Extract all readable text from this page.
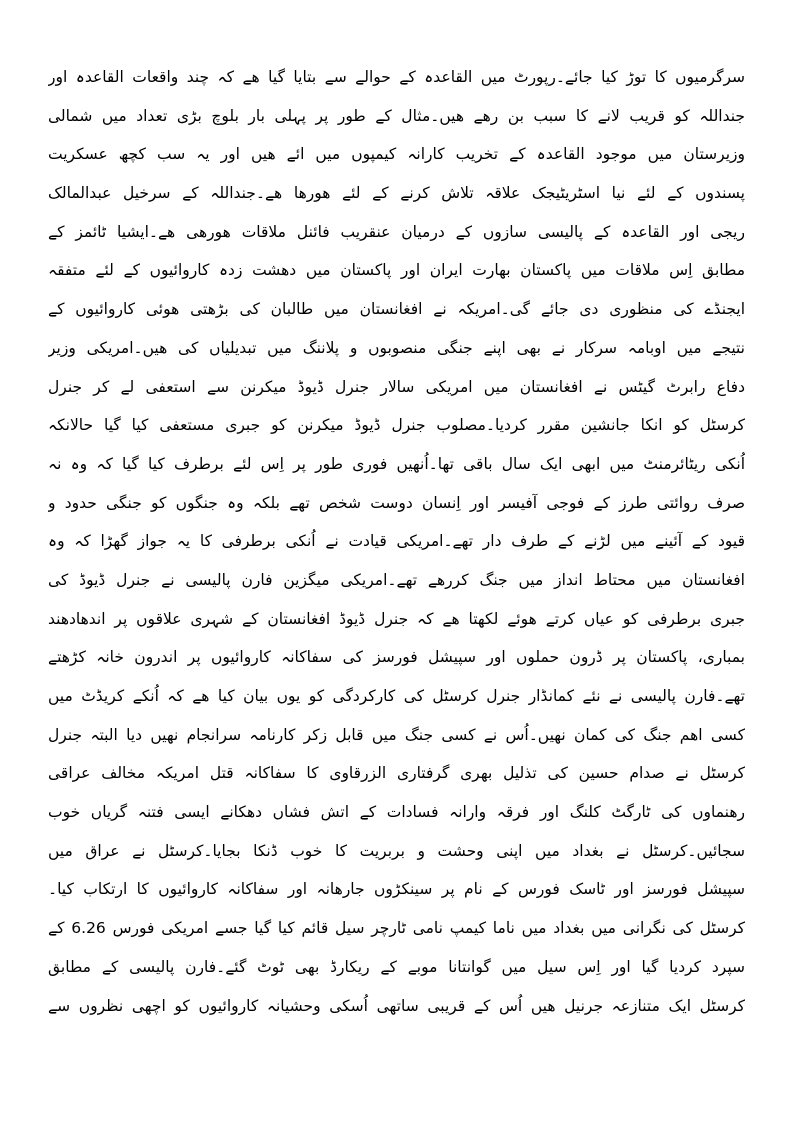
سرگرمیوں کا توڑ کیا جائے۔رپورٹ میں القاعدہ کے حوالے سے بتایا گیا ھے کہ چند واقعات القاعدہ اور
جنداللہ کو قریب لانے کا سبب بن رھے ھیں۔مثال کے طور پر پہلی بار بلوچ بڑی تعداد میں شمالی
وزیرستان میں موجود القاعدہ کے تخریب کارانہ کیمپوں میں ائے ھیں اور یہ سب کچھ عسکریت
پسندوں کے لئے نیا اسٹریٹیجک علاقہ تلاش کرنے کے لئے ھورھا ھے۔جنداللہ کے سرخیل عبدالمالک
ریجی اور القاعدہ کے پالیسی سازوں کے درمیان عنقریب فائنل ملاقات ھورھی ھے۔ایشیا ٹائمز کے
مطابق اِس ملاقات میں پاکستان بھارت ایران اور پاکستان میں دھشت زدہ کاروائیوں کے لئے متفقہ
ایجنڈے کی منظوری دی جائے گی۔امریکہ نے افغانستان میں طالبان کی بڑھتی ھوئی کاروائیوں کے
نتیجے میں اوبامہ سرکار نے بھی اپنے جنگی منصوبوں و پلاننگ میں تبدیلیاں کی ھیں۔امریکی وزیر
دفاع رابرٹ گیٹس نے افغانستان میں امریکی سالار جنرل ڈیوڈ میکرنن سے استعفی لے کر جنرل
کرسٹل کو انکا جانشین مقرر کردیا۔مصلوب جنرل ڈیوڈ میکرنن کو جبری مستعفی کیا گیا حالانکہ
اُنکی ریٹائرمنٹ میں ابھی ایک سال باقی تھا۔اُنھیں فوری طور پر اِس لئے برطرف کیا گیا کہ وہ نہ
صرف روائتی طرز کے فوجی آفیسر اور اِنسان دوست شخص تھے بلکہ وہ جنگوں کو جنگی حدود و
قیود کے آئینے میں لڑنے کے طرف دار تھے۔امریکی قیادت نے اُنکی برطرفی کا یہ جواز گھڑا کہ وہ
افغانستان میں محتاط انداز میں جنگ کررھے تھے۔امریکی میگزین فارن پالیسی نے جنرل ڈیوڈ کی
جبری برطرفی کو عیاں کرتے ھوئے لکھتا ھے کہ جنرل ڈیوڈ افغانستان کے شہری علاقوں پر اندھادھند
بمباری، پاکستان پر ڈرون حملوں اور سپیشل فورسز کی سفاکانہ کاروائیوں پر اندرون خانہ کڑھتے
تھے۔فارن پالیسی نے نئے کمانڈار جنرل کرسٹل کی کارکردگی کو یوں بیان کیا ھے کہ اُنکے کریڈٹ میں
کسی اھم جنگ کی کمان نھیں۔اُس نے کسی جنگ میں قابل زکر کارنامہ سرانجام نھیں دیا البتہ جنرل
کرسٹل نے صدام حسین کی تذلیل بھری گرفتاری الزرقاوی کا سفاکانہ قتل امریکہ مخالف عراقی
رھنماوں کی ٹارگٹ کلنگ اور فرقہ وارانہ فسادات کے اتش فشاں دھکانے ایسی فتنہ گریاں خوب
سجائیں۔کرسٹل نے بغداد میں اپنی وحشت و بربریت کا خوب ڈنکا بجایا۔کرسٹل نے عراق میں
سپیشل فورسز اور ٹاسک فورس کے نام پر سینکڑوں جارھانہ اور سفاکانہ کاروائیوں کا ارتکاب کیا۔
کرسٹل کی نگرانی میں بغداد میں ناما کیمپ نامی ٹارچر سیل قائم کیا گیا جسے امریکی فورس 6.26 کے
سپرد کردیا گیا اور اِس سیل میں گوانتانا موبے کے ریکارڈ بھی ٹوٹ گئے۔فارن پالیسی کے مطابق
کرسٹل ایک متنازعہ جرنیل ھیں اُس کے قریبی ساتھی اُسکی وحشیانہ کاروائیوں کو اچھی نظروں سے
